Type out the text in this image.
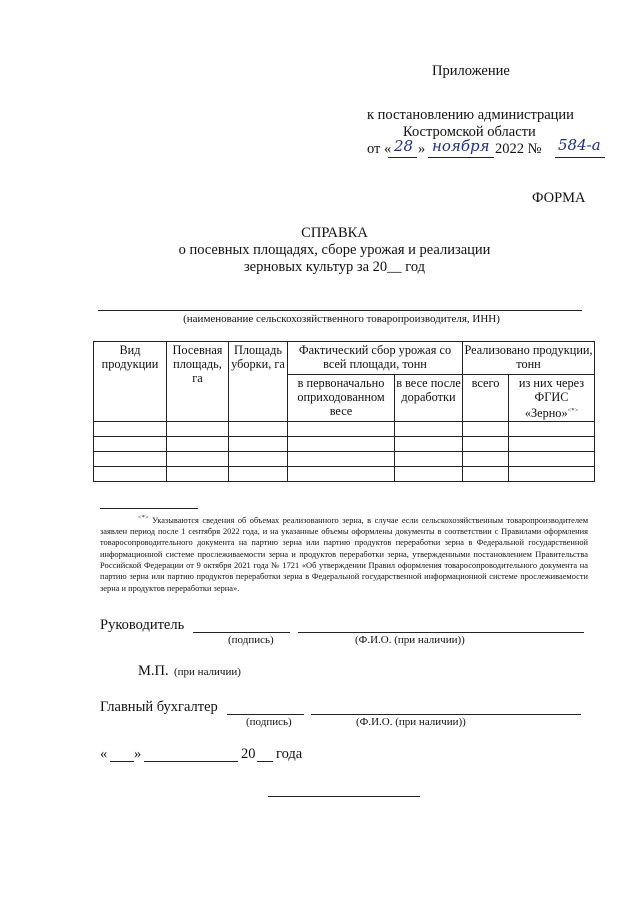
Приложение
к постановлению администрации
Костромской области
от « 28 » ноября 2022 № 584-а
ФОРМА
СПРАВКА
о посевных площадях, сборе урожая и реализации
зерновых культур за 20__ год
(наименование сельскохозяйственного товаропроизводителя, ИНН)
Вид продукции	Посевная площадь, га	Площадь уборки, га	Фактический сбор урожая со всей площади, тонн		Реализовано продукции, тонн	
			в первоначально оприходованном весе	в весе после доработки	всего	из них через ФГИС «Зерно»<*>

<*> Указываются сведения об объемах реализованного зерна, в случае если сельскохозяйственным товаропроизводителем заявлен период после 1 сентября 2022 года, и на указанные объемы оформлены документы в соответствии с Правилами оформления товаросопроводительного документа на партию зерна или партию продуктов переработки зерна в Федеральной государственной информационной системе прослеживаемости зерна и продуктов переработки зерна, утвержденными постановлением Правительства Российской Федерации от 9 октября 2021 года № 1721 «Об утверждении Правил оформления товаросопроводительного документа на партию зерна или партию продуктов переработки зерна в Федеральной государственной информационной системе прослеживаемости зерна и продуктов переработки зерна».
Руководитель
(подпись)	(Ф.И.О. (при наличии))
М.П. (при наличии)
Главный бухгалтер
(подпись)	(Ф.И.О. (при наличии))
« »	20 года
